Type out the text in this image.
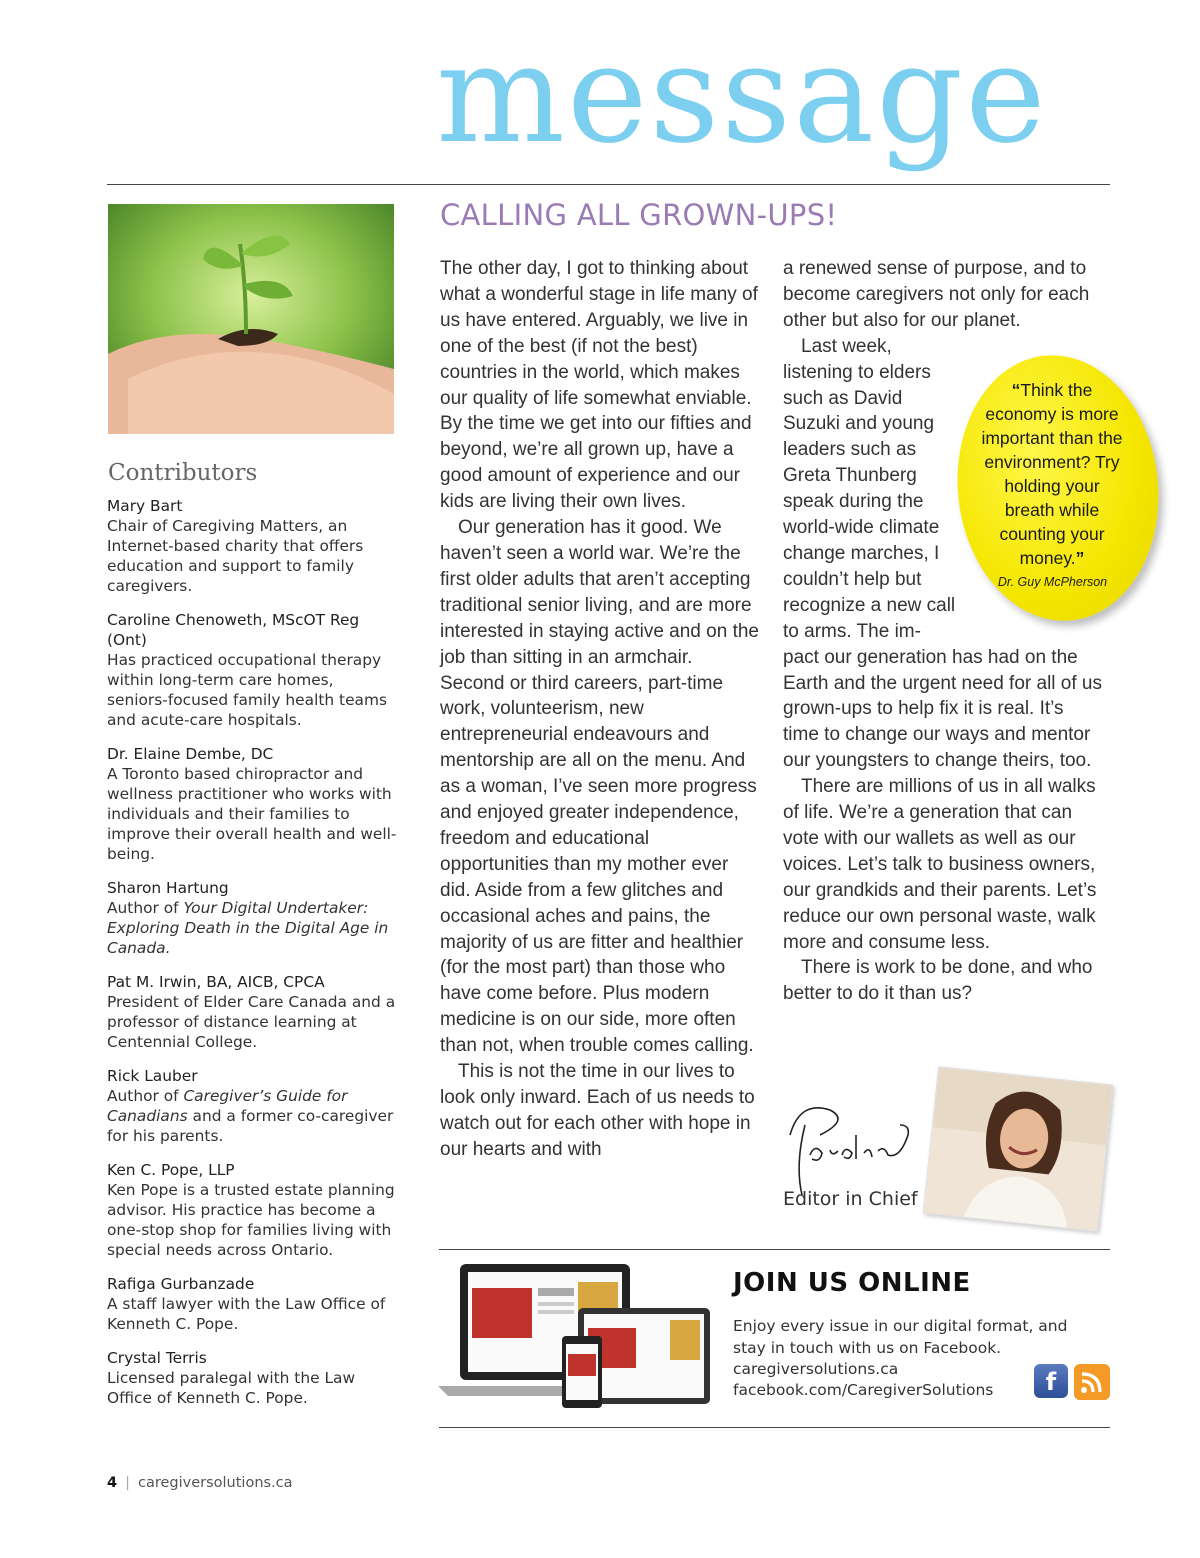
message
Contributors
Mary Bart
Chair of Caregiving Matters, an Internet-based charity that offers education and support to family caregivers.
Caroline Chenoweth, MScOT Reg (Ont)
Has practiced occupational therapy within long-term care homes, seniors-focused family health teams and acute-care hospitals.
Dr. Elaine Dembe, DC
A Toronto based chiropractor and wellness practitioner who works with individuals and their families to improve their overall health and well-being.
Sharon Hartung
Author of Your Digital Undertaker: Exploring Death in the Digital Age in Canada.
Pat M. Irwin, BA, AICB, CPCA
President of Elder Care Canada and a professor of distance learning at Centennial College.
Rick Lauber
Author of Caregiver’s Guide for Canadians and a former co-caregiver for his parents.
Ken C. Pope, LLP
Ken Pope is a trusted estate planning advisor. His practice has become a one-stop shop for families living with special needs across Ontario.
Rafiga Gurbanzade
A staff lawyer with the Law Office of Kenneth C. Pope.
Crystal Terris
Licensed paralegal with the Law Office of Kenneth C. Pope.
CALLING ALL GROWN-UPS!

The other day, I got to thinking about what a wonderful stage in life many of us have entered. Arguably, we live in one of the best (if not the best) countries in the world, which makes our quality of life somewhat enviable. By the time we get into our fifties and beyond, we’re all grown up, have a good amount of experience and our kids are living their own lives.

Our generation has it good. We haven’t seen a world war. We’re the first older adults that aren’t accepting traditional senior living, and are more interested in staying active and on the job than sitting in an armchair. Second or third careers, part-time work, volunteerism, new entrepreneurial endeavours and mentorship are all on the menu. And as a woman, I’ve seen more progress and enjoyed greater independence, freedom and educational opportunities than my mother ever did. Aside from a few glitches and occasional aches and pains, the majority of us are fitter and healthier (for the most part) than those who have come before. Plus modern medicine is on our side, more often than not, when trouble comes calling.

This is not the time in our lives to look only inward. Each of us needs to watch out for each other with hope in our hearts and with

a renewed sense of purpose, and to become caregivers not only for each other but also for our planet.

Last week, listening to elders such as David Suzuki and young leaders such as Greta Thunberg speak during the world-wide climate change marches, I couldn’t help but recognize a new call to arms. The im-
pact our generation has had on the Earth and the urgent need for all of us grown-ups to help fix it is real. It’s time to change our ways and mentor our youngsters to change theirs, too.

There are millions of us in all walks of life. We’re a generation that can vote with our wallets as well as our voices. Let’s talk to business owners, our grandkids and their parents. Let’s reduce our own personal waste, walk more and consume less.

There is work to be done, and who better to do it than us?

“Think the economy is more important than the environment? Try holding your breath while counting your money.”
Dr. Guy McPherson
Editor in Chief
JOIN US ONLINE
Enjoy every issue in our digital format, and stay in touch with us on Facebook.
caregiversolutions.ca
facebook.com/CaregiverSolutions	f
4 | caregiversolutions.ca
